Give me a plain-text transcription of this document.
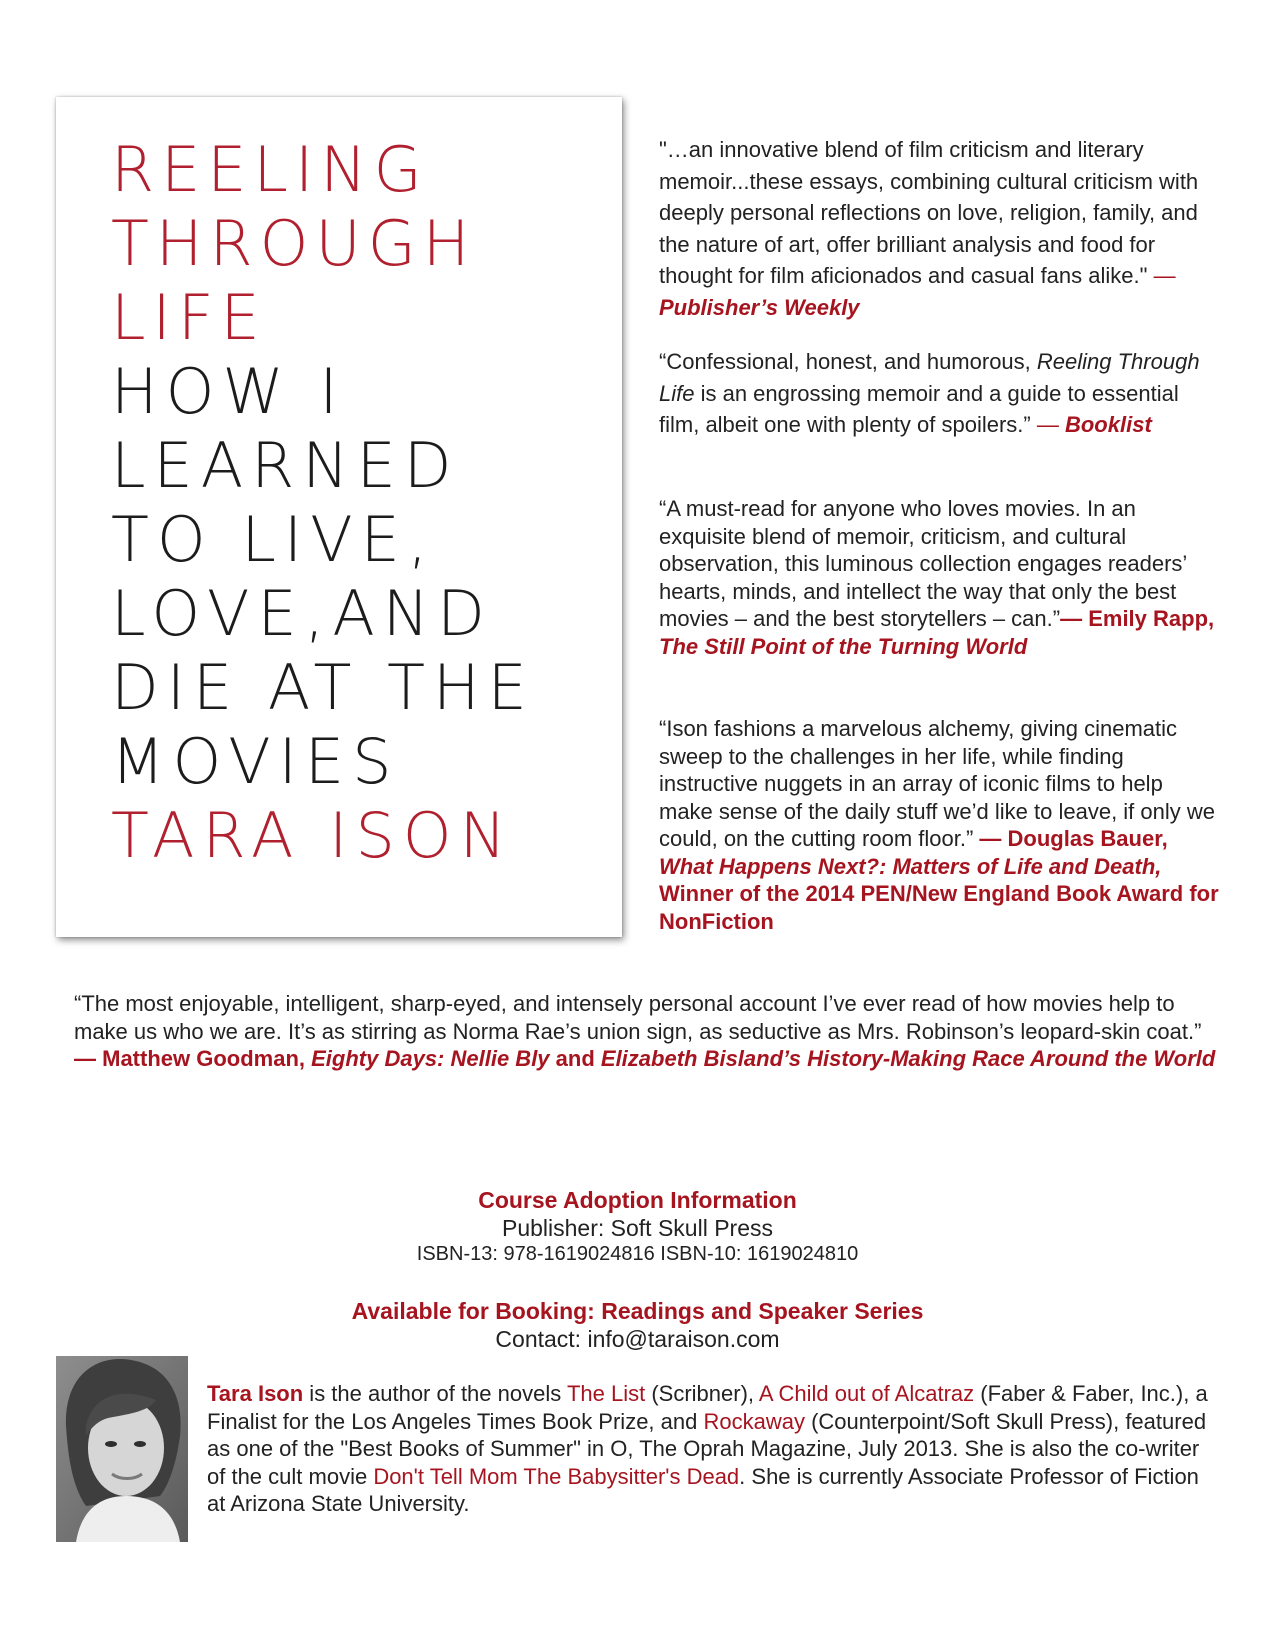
REELING

THROUGH

LIFE

HOW I

LEARNED

TO LIVE,

LOVE,AND

DIE AT THE

MOVIES

TARA ISON

"…an innovative blend of film criticism and literary memoir...these essays, combining cultural criticism with deeply personal reflections on love, religion, family, and the nature of art, offer brilliant analysis and food for thought for film aficionados and casual fans alike." — Publisher’s Weekly

“Confessional, honest, and humorous, Reeling Through Life is an engrossing memoir and a guide to essential film, albeit one with plenty of spoilers.” — Booklist

“A must-read for anyone who loves movies. In an exquisite blend of memoir, criticism, and cultural observation, this luminous collection engages readers’ hearts, minds, and intellect the way that only the best movies – and the best storytellers – can.”— Emily Rapp, The Still Point of the Turning World

“Ison fashions a marvelous alchemy, giving cinematic sweep to the challenges in her life, while finding instructive nuggets in an array of iconic films to help make sense of the daily stuff we’d like to leave, if only we could, on the cutting room floor.” — Douglas Bauer, What Happens Next?: Matters of Life and Death, Winner of the 2014 PEN/New England Book Award for NonFiction

“The most enjoyable, intelligent, sharp-eyed, and intensely personal account I’ve ever read of how movies help to make us who we are. It’s as stirring as Norma Rae’s union sign, as seductive as Mrs. Robinson’s leopard-skin coat.” — Matthew Goodman, Eighty Days: Nellie Bly and Elizabeth Bisland’s History-Making Race Around the World

Course Adoption Information

Publisher: Soft Skull Press

ISBN-13: 978-1619024816 ISBN-10: 1619024810

Available for Booking: Readings and Speaker Series

Contact: info@taraison.com

Tara Ison is the author of the novels The List (Scribner), A Child out of Alcatraz (Faber & Faber, Inc.), a Finalist for the Los Angeles Times Book Prize, and Rockaway (Counterpoint/Soft Skull Press), featured as one of the "Best Books of Summer" in O, The Oprah Magazine, July 2013. She is also the co-writer of the cult movie Don't Tell Mom The Babysitter's Dead. She is currently Associate Professor of Fiction at Arizona State University.
